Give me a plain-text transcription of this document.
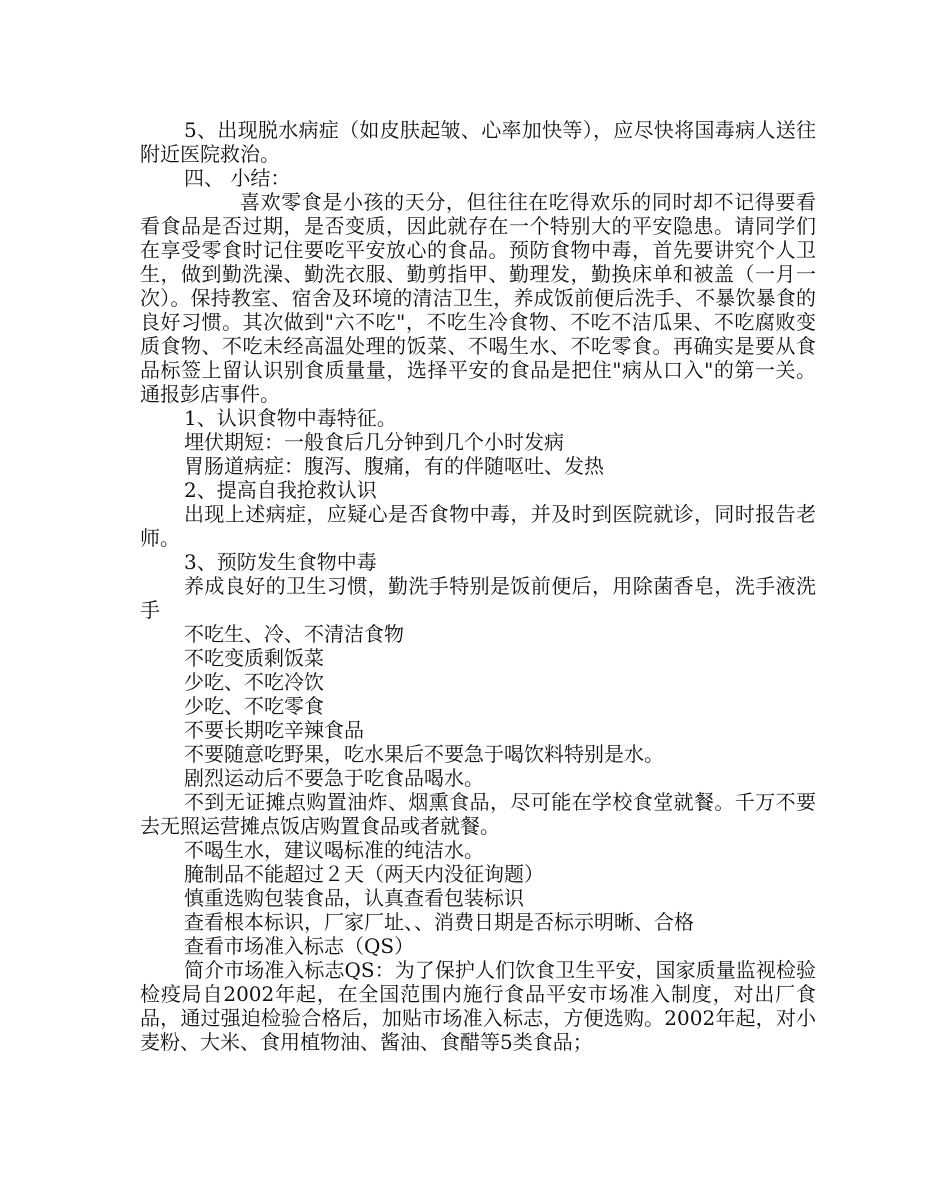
5、出现脱水病症（如皮肤起皱、心率加快等），应尽快将国毒病人送往附近医院救治。

四、 小结：

喜欢零食是小孩的天分，但往往在吃得欢乐的同时却不记得要看看食品是否过期，是否变质，因此就存在一个特别大的平安隐患。请同学们在享受零食时记住要吃平安放心的食品。预防食物中毒，首先要讲究个人卫生，做到勤洗澡、勤洗衣服、勤剪指甲、勤理发，勤换床单和被盖（一月一次）。保持教室、宿舍及环境的清洁卫生，养成饭前便后洗手、不暴饮暴食的良好习惯。其次做到"六不吃"，不吃生冷食物、不吃不洁瓜果、不吃腐败变质食物、不吃未经高温处理的饭菜、不喝生水、不吃零食。再确实是要从食品标签上留认识别食质量量，选择平安的食品是把住"病从口入"的第一关。通报彭店事件。

1、认识食物中毒特征。

埋伏期短：一般食后几分钟到几个小时发病

胃肠道病症：腹泻、腹痛，有的伴随呕吐、发热

2、提高自我抢救认识

出现上述病症，应疑心是否食物中毒，并及时到医院就诊，同时报告老师。

3、预防发生食物中毒

养成良好的卫生习惯，勤洗手特别是饭前便后，用除菌香皂，洗手液洗手

不吃生、冷、不清洁食物

不吃变质剩饭菜

少吃、不吃冷饮

少吃、不吃零食

不要长期吃辛辣食品

不要随意吃野果，吃水果后不要急于喝饮料特别是水。

剧烈运动后不要急于吃食品喝水。

不到无证摊点购置油炸、烟熏食品，尽可能在学校食堂就餐。千万不要去无照运营摊点饭店购置食品或者就餐。

不喝生水，建议喝标准的纯洁水。

腌制品不能超过２天（两天内没征询题）

慎重选购包装食品，认真查看包装标识

查看根本标识，厂家厂址、、消费日期是否标示明晰、合格

查看市场准入标志（QS）

简介市场准入标志QS：为了保护人们饮食卫生平安，国家质量监视检验检疫局自2002年起，在全国范围内施行食品平安市场准入制度，对出厂食品，通过强迫检验合格后，加贴市场准入标志，方便选购。2002年起，对小麦粉、大米、食用植物油、酱油、食醋等5类食品；
